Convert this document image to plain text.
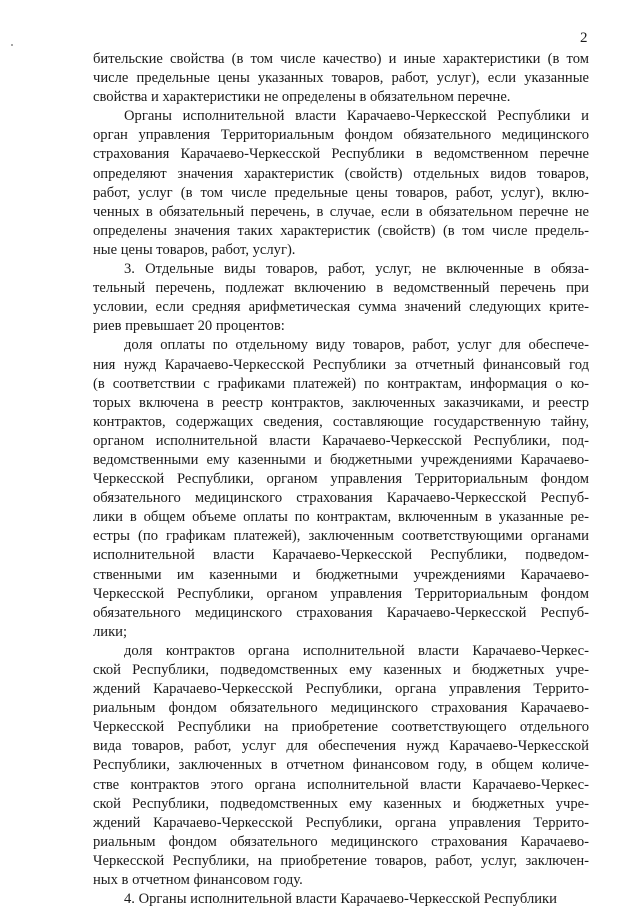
2
бительские свойства (в том числе качество) и иные характеристики (в том
числе предельные цены указанных товаров, работ, услуг), если указанные
свойства и характеристики не определены в обязательном перечне.
Органы исполнительной власти Карачаево-Черкесской Республики и
орган управления Территориальным фондом обязательного медицинского
страхования Карачаево-Черкесской Республики в ведомственном перечне
определяют значения характеристик (свойств) отдельных видов товаров,
работ, услуг (в том числе предельные цены товаров, работ, услуг), вклю-
ченных в обязательный перечень, в случае, если в обязательном перечне не
определены значения таких характеристик (свойств) (в том числе предель-
ные цены товаров, работ, услуг).
3. Отдельные виды товаров, работ, услуг, не включенные в обяза-
тельный перечень, подлежат включению в ведомственный перечень при
условии, если средняя арифметическая сумма значений следующих крите-
риев превышает 20 процентов:
доля оплаты по отдельному виду товаров, работ, услуг для обеспече-
ния нужд Карачаево-Черкесской Республики за отчетный финансовый год
(в соответствии с графиками платежей) по контрактам, информация о ко-
торых включена в реестр контрактов, заключенных заказчиками, и реестр
контрактов, содержащих сведения, составляющие государственную тайну,
органом исполнительной власти Карачаево-Черкесской Республики, под-
ведомственными ему казенными и бюджетными учреждениями Карачаево-
Черкесской Республики, органом управления Территориальным фондом
обязательного медицинского страхования Карачаево-Черкесской Респуб-
лики в общем объеме оплаты по контрактам, включенным в указанные ре-
естры (по графикам платежей), заключенным соответствующими органами
исполнительной власти Карачаево-Черкесской Республики, подведом-
ственными им казенными и бюджетными учреждениями Карачаево-
Черкесской Республики, органом управления Территориальным фондом
обязательного медицинского страхования Карачаево-Черкесской Респуб-
лики;
доля контрактов органа исполнительной власти Карачаево-Черкес-
ской Республики, подведомственных ему казенных и бюджетных учре-
ждений Карачаево-Черкесской Республики, органа управления Террито-
риальным фондом обязательного медицинского страхования Карачаево-
Черкесской Республики на приобретение соответствующего отдельного
вида товаров, работ, услуг для обеспечения нужд Карачаево-Черкесской
Республики, заключенных в отчетном финансовом году, в общем количе-
стве контрактов этого органа исполнительной власти Карачаево-Черкес-
ской Республики, подведомственных ему казенных и бюджетных учре-
ждений Карачаево-Черкесской Республики, органа управления Террито-
риальным фондом обязательного медицинского страхования Карачаево-
Черкесской Республики, на приобретение товаров, работ, услуг, заключен-
ных в отчетном финансовом году.
4. Органы исполнительной власти Карачаево-Черкесской Республики
